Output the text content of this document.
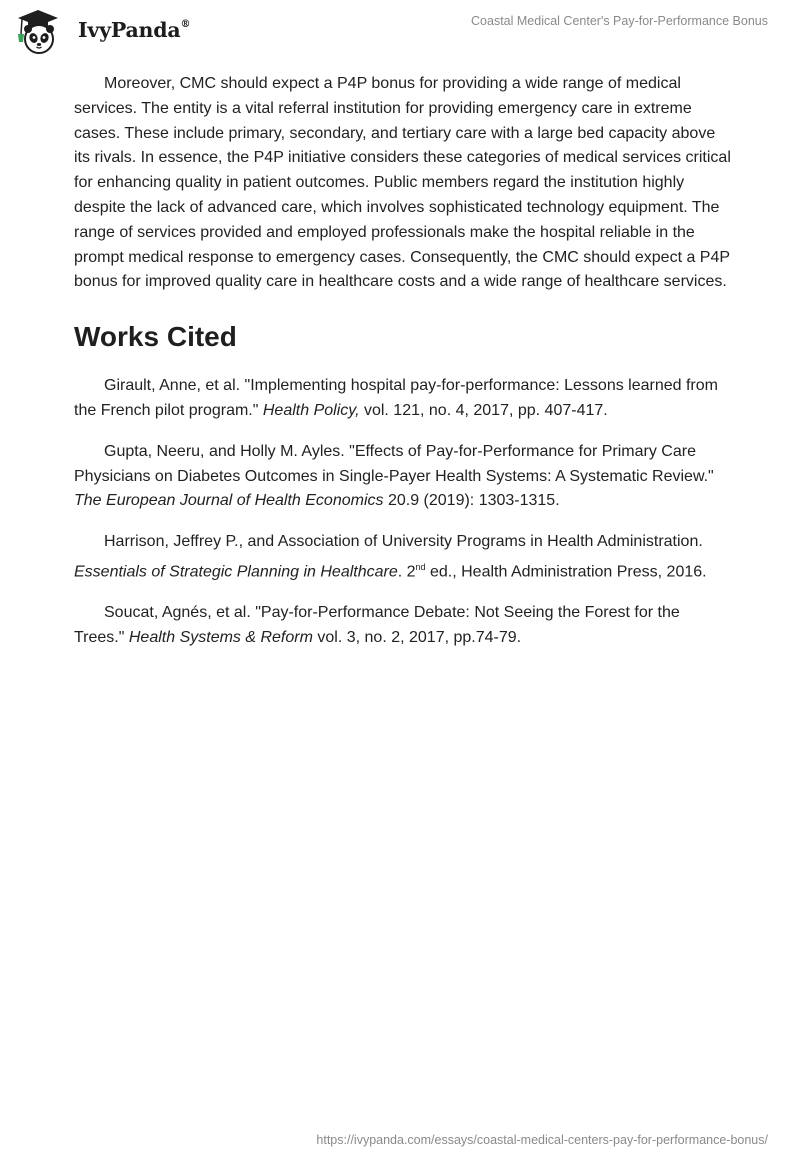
IvyPanda®	Coastal Medical Center's Pay-for-Performance Bonus

Moreover, CMC should expect a P4P bonus for providing a wide range of medical services. The entity is a vital referral institution for providing emergency care in extreme cases. These include primary, secondary, and tertiary care with a large bed capacity above its rivals. In essence, the P4P initiative considers these categories of medical services critical for enhancing quality in patient outcomes. Public members regard the institution highly despite the lack of advanced care, which involves sophisticated technology equipment. The range of services provided and employed professionals make the hospital reliable in the prompt medical response to emergency cases. Consequently, the CMC should expect a P4P bonus for improved quality care in healthcare costs and a wide range of healthcare services.

Works Cited

Girault, Anne, et al. "Implementing hospital pay-for-performance: Lessons learned from the French pilot program." Health Policy, vol. 121, no. 4, 2017, pp. 407-417.

Gupta, Neeru, and Holly M. Ayles. "Effects of Pay-for-Performance for Primary Care Physicians on Diabetes Outcomes in Single-Payer Health Systems: A Systematic Review." The European Journal of Health Economics 20.9 (2019): 1303-1315.

Harrison, Jeffrey P., and Association of University Programs in Health Administration. Essentials of Strategic Planning in Healthcare. 2nd ed., Health Administration Press, 2016.

Soucat, Agnés, et al. "Pay-for-Performance Debate: Not Seeing the Forest for the Trees." Health Systems & Reform vol. 3, no. 2, 2017, pp.74-79.

https://ivypanda.com/essays/coastal-medical-centers-pay-for-performance-bonus/
